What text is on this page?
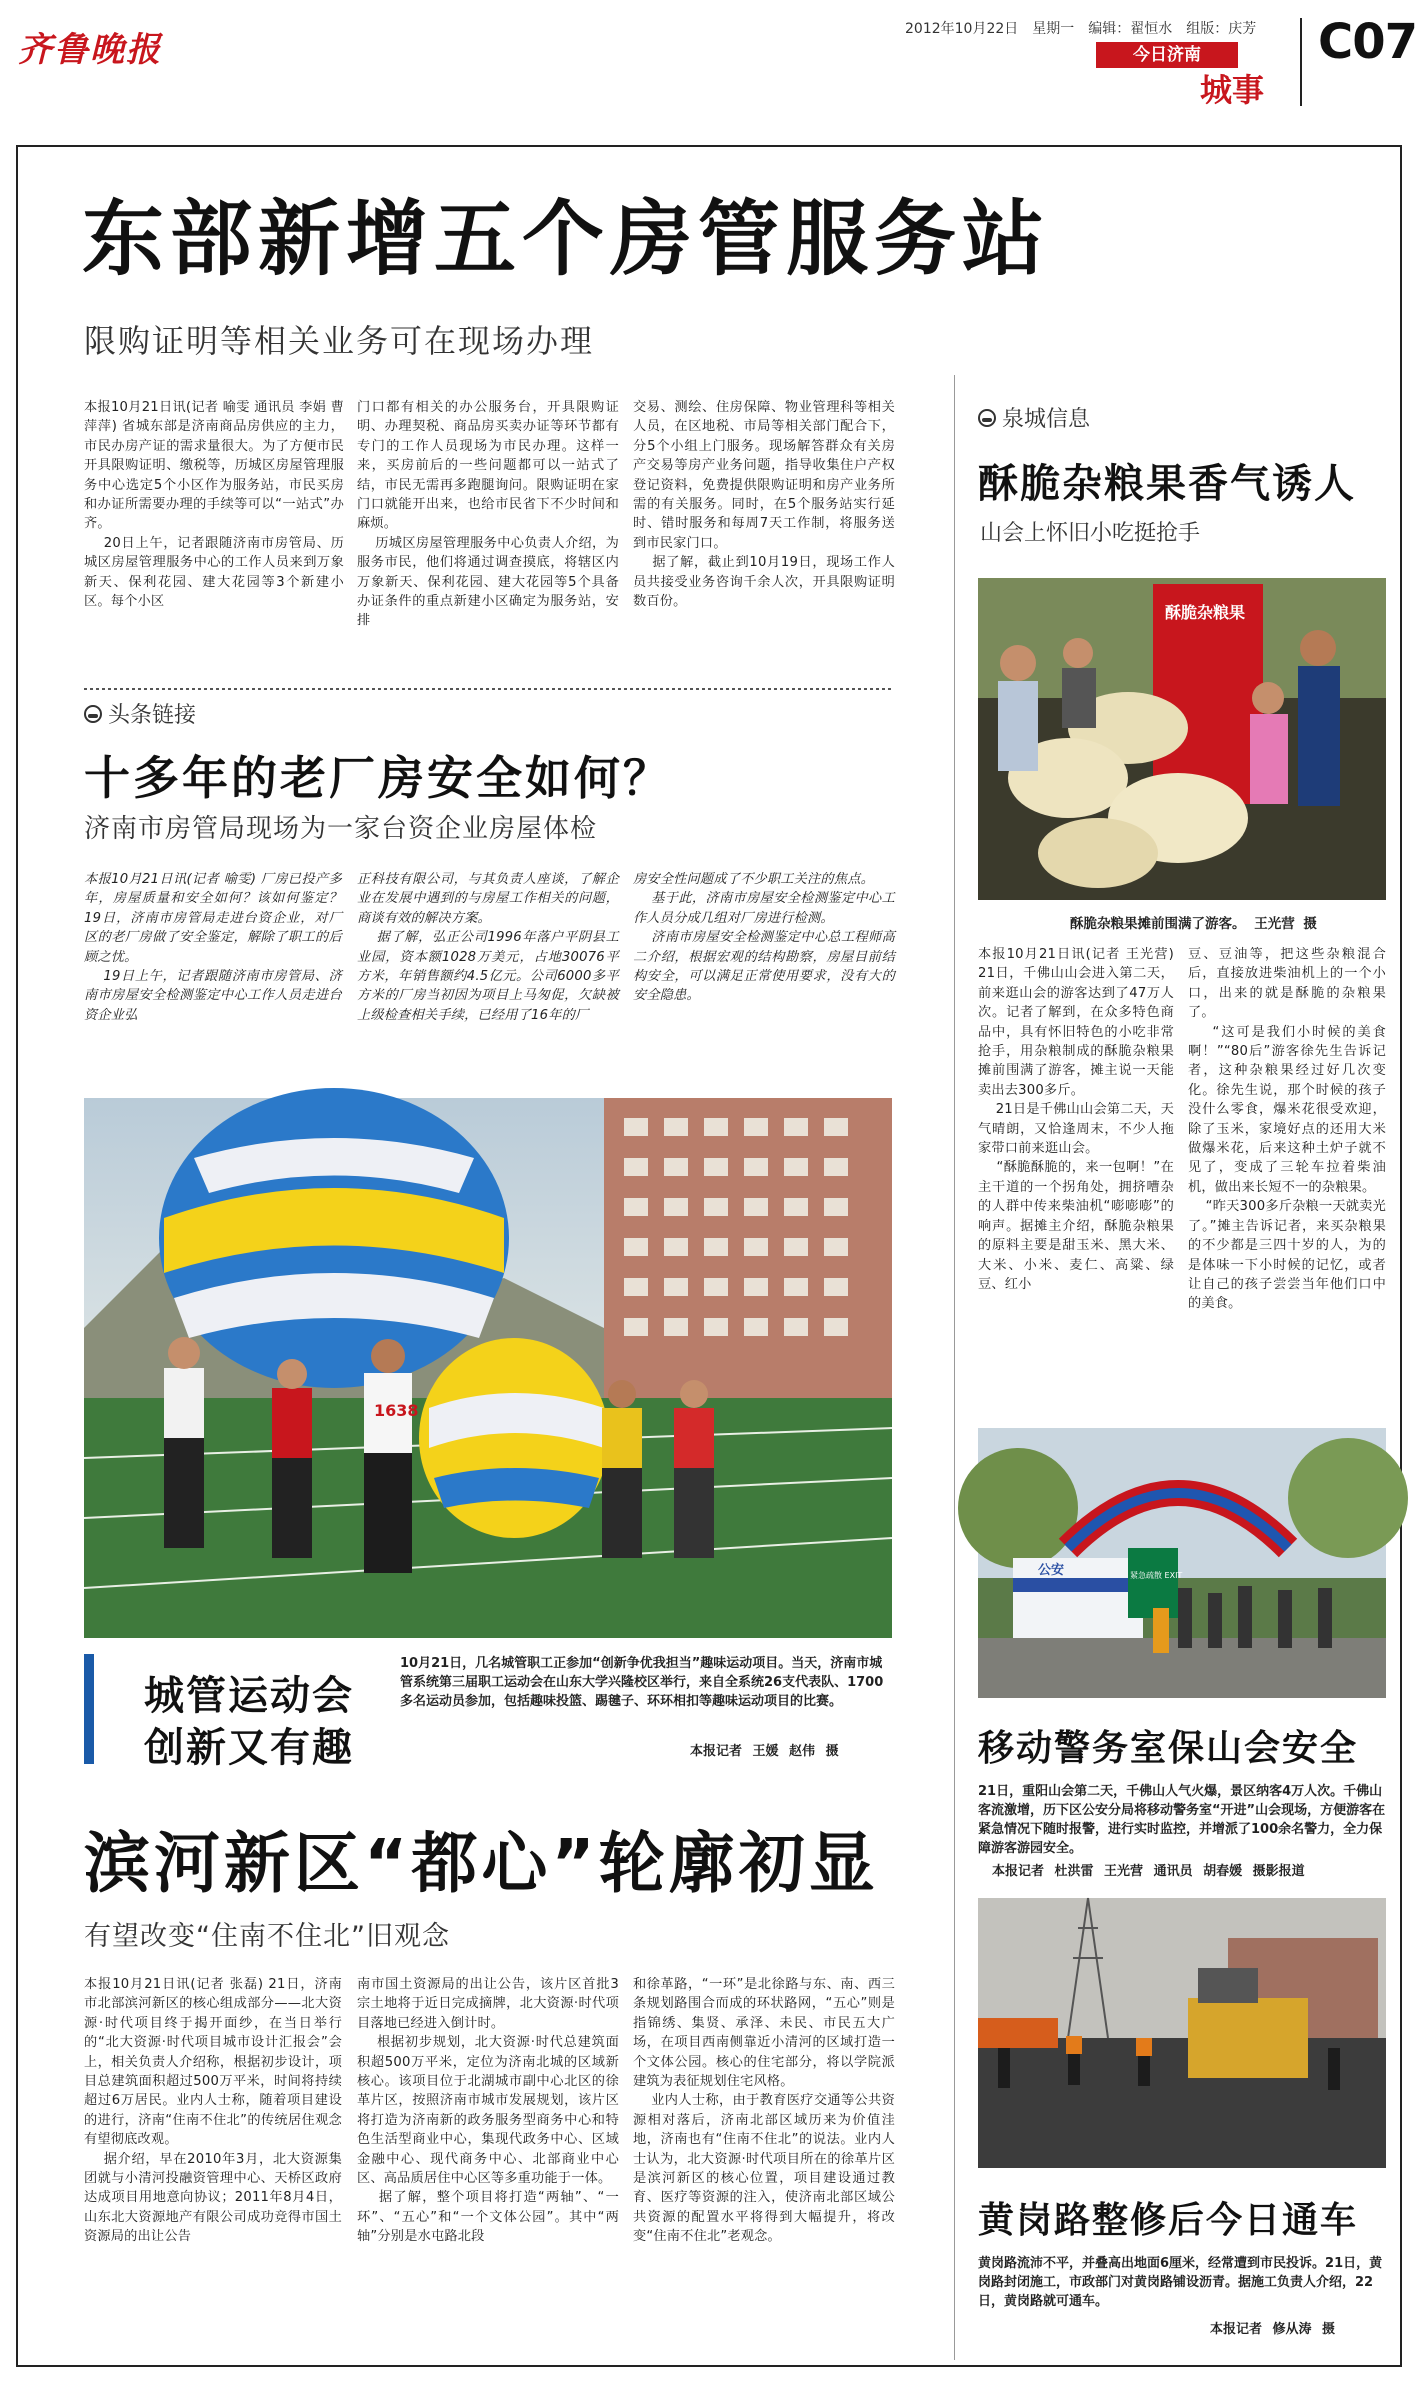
齐鲁晚报
2012年10月22日 星期一 编辑：翟恒水 组版：庆芳
今日济南
城事
C07
东部新增五个房管服务站
限购证明等相关业务可在现场办理
本报10月21日讯(记者 喻雯 通讯员 李娟 曹萍萍) 省城东部是济南商品房供应的主力，市民办房产证的需求量很大。为了方便市民开具限购证明、缴税等，历城区房屋管理服务中心选定5个小区作为服务站，市民买房和办证所需要办理的手续等可以“一站式”办齐。
20日上午，记者跟随济南市房管局、历城区房屋管理服务中心的工作人员来到万象新天、保利花园、建大花园等3个新建小区。每个小区
门口都有相关的办公服务台，开具限购证明、办理契税、商品房买卖办证等环节都有专门的工作人员现场为市民办理。这样一来，买房前后的一些问题都可以一站式了结，市民无需再多跑腿询问。限购证明在家门口就能开出来，也给市民省下不少时间和麻烦。
历城区房屋管理服务中心负责人介绍，为服务市民，他们将通过调查摸底，将辖区内万象新天、保利花园、建大花园等5个具备办证条件的重点新建小区确定为服务站，安排
交易、测绘、住房保障、物业管理科等相关人员，在区地税、市局等相关部门配合下，分5个小组上门服务。现场解答群众有关房产交易等房产业务问题，指导收集住户产权登记资料，免费提供限购证明和房产业务所需的有关服务。同时，在5个服务站实行延时、错时服务和每周7天工作制，将服务送到市民家门口。
据了解，截止到10月19日，现场工作人员共接受业务咨询千余人次，开具限购证明数百份。
头条链接
十多年的老厂房安全如何？
济南市房管局现场为一家台资企业房屋体检
本报10月21日讯(记者 喻雯) 厂房已投产多年，房屋质量和安全如何？该如何鉴定？19日，济南市房管局走进台资企业，对厂区的老厂房做了安全鉴定，解除了职工的后顾之忧。
19日上午，记者跟随济南市房管局、济南市房屋安全检测鉴定中心工作人员走进台资企业弘
正科技有限公司，与其负责人座谈，了解企业在发展中遇到的与房屋工作相关的问题，商谈有效的解决方案。
据了解，弘正公司1996年落户平阴县工业园，资本额1028万美元，占地30076平方米，年销售额约4.5亿元。公司6000多平方米的厂房当初因为项目上马匆促，欠缺被上级检查相关手续，已经用了16年的厂
房安全性问题成了不少职工关注的焦点。
基于此，济南市房屋安全检测鉴定中心工作人员分成几组对厂房进行检测。
济南市房屋安全检测鉴定中心总工程师高二介绍，根据宏观的结构勘察，房屋目前结构安全，可以满足正常使用要求，没有大的安全隐患。
1638
城管运动会
创新又有趣
10月21日，几名城管职工正参加“创新争优我担当”趣味运动项目。当天，济南市城管系统第三届职工运动会在山东大学兴隆校区举行，来自全系统26支代表队、1700多名运动员参加，包括趣味投篮、踢毽子、环环相扣等趣味运动项目的比赛。
本报记者 王媛 赵伟 摄
滨河新区“都心”轮廓初显
有望改变“住南不住北”旧观念
本报10月21日讯(记者 张磊) 21日，济南市北部滨河新区的核心组成部分——北大资源·时代项目终于揭开面纱，在当日举行的“北大资源·时代项目城市设计汇报会”会上，相关负责人介绍称，根据初步设计，项目总建筑面积超过500万平米，时间将持续超过6万居民。业内人士称，随着项目建设的进行，济南“住南不住北”的传统居住观念有望彻底改观。
据介绍，早在2010年3月，北大资源集团就与小清河投融资管理中心、天桥区政府达成项目用地意向协议；2011年8月4日，山东北大资源地产有限公司成功竞得市国土资源局的出让公告
南市国土资源局的出让公告，该片区首批3宗土地将于近日完成摘牌，北大资源·时代项目落地已经进入倒计时。
根据初步规划，北大资源·时代总建筑面积超500万平米，定位为济南北城的区域新核心。该项目位于北湖城市副中心北区的徐革片区，按照济南市城市发展规划，该片区将打造为济南新的政务服务型商务中心和特色生活型商业中心，集现代政务中心、区域金融中心、现代商务中心、北部商业中心区、高品质居住中心区等多重功能于一体。
据了解，整个项目将打造“两轴”、“一环”、“五心”和“一个文体公园”。其中“两轴”分别是水屯路北段
和徐革路，“一环”是北徐路与东、南、西三条规划路围合而成的环状路网，“五心”则是指锦绣、集贤、承泽、未民、市民五大广场，在项目西南侧靠近小清河的区域打造一个文体公园。核心的住宅部分，将以学院派建筑为表征规划住宅风格。
业内人士称，由于教育医疗交通等公共资源相对落后，济南北部区域历来为价值洼地，济南也有“住南不住北”的说法。业内人士认为，北大资源·时代项目所在的徐革片区是滨河新区的核心位置，项目建设通过教育、医疗等资源的注入，使济南北部区域公共资源的配置水平将得到大幅提升，将改变“住南不住北”老观念。
泉城信息
酥脆杂粮果香气诱人
山会上怀旧小吃挺抢手
酥脆杂粮果
酥脆杂粮果摊前围满了游客。 王光营 摄
本报10月21日讯(记者 王光营) 21日，千佛山山会进入第二天，前来逛山会的游客达到了47万人次。记者了解到，在众多特色商品中，具有怀旧特色的小吃非常抢手，用杂粮制成的酥脆杂粮果摊前围满了游客，摊主说一天能卖出去300多斤。
21日是千佛山山会第二天，天气晴朗，又恰逢周末，不少人拖家带口前来逛山会。
“酥脆酥脆的，来一包啊！”在主干道的一个拐角处，拥挤嘈杂的人群中传来柴油机“嘭嘭嘭”的响声。据摊主介绍，酥脆杂粮果的原料主要是甜玉米、黑大米、大米、小米、麦仁、高粱、绿豆、红小
豆、豆油等，把这些杂粮混合后，直接放进柴油机上的一个小口，出来的就是酥脆的杂粮果了。
“这可是我们小时候的美食啊！”“80后”游客徐先生告诉记者，这种杂粮果经过好几次变化。徐先生说，那个时候的孩子没什么零食，爆米花很受欢迎，除了玉米，家境好点的还用大米做爆米花，后来这种土炉子就不见了，变成了三轮车拉着柴油机，做出来长短不一的杂粮果。
“昨天300多斤杂粮一天就卖光了。”摊主告诉记者，来买杂粮果的不少都是三四十岁的人，为的是体味一下小时候的记忆，或者让自己的孩子尝尝当年他们口中的美食。
公安	紧急疏散 EXIT
移动警务室保山会安全
21日，重阳山会第二天，千佛山人气火爆，景区纳客4万人次。千佛山客流激增，历下区公安分局将移动警务室“开进”山会现场，方便游客在紧急情况下随时报警，进行实时监控，并增派了100余名警力，全力保障游客游园安全。
本报记者 杜洪雷 王光营 通讯员 胡春媛 摄影报道
黄岗路整修后今日通车
黄岗路流沛不平，并叠高出地面6厘米，经常遭到市民投诉。21日，黄岗路封闭施工，市政部门对黄岗路铺设沥青。据施工负责人介绍，22日，黄岗路就可通车。
本报记者 修从涛 摄
